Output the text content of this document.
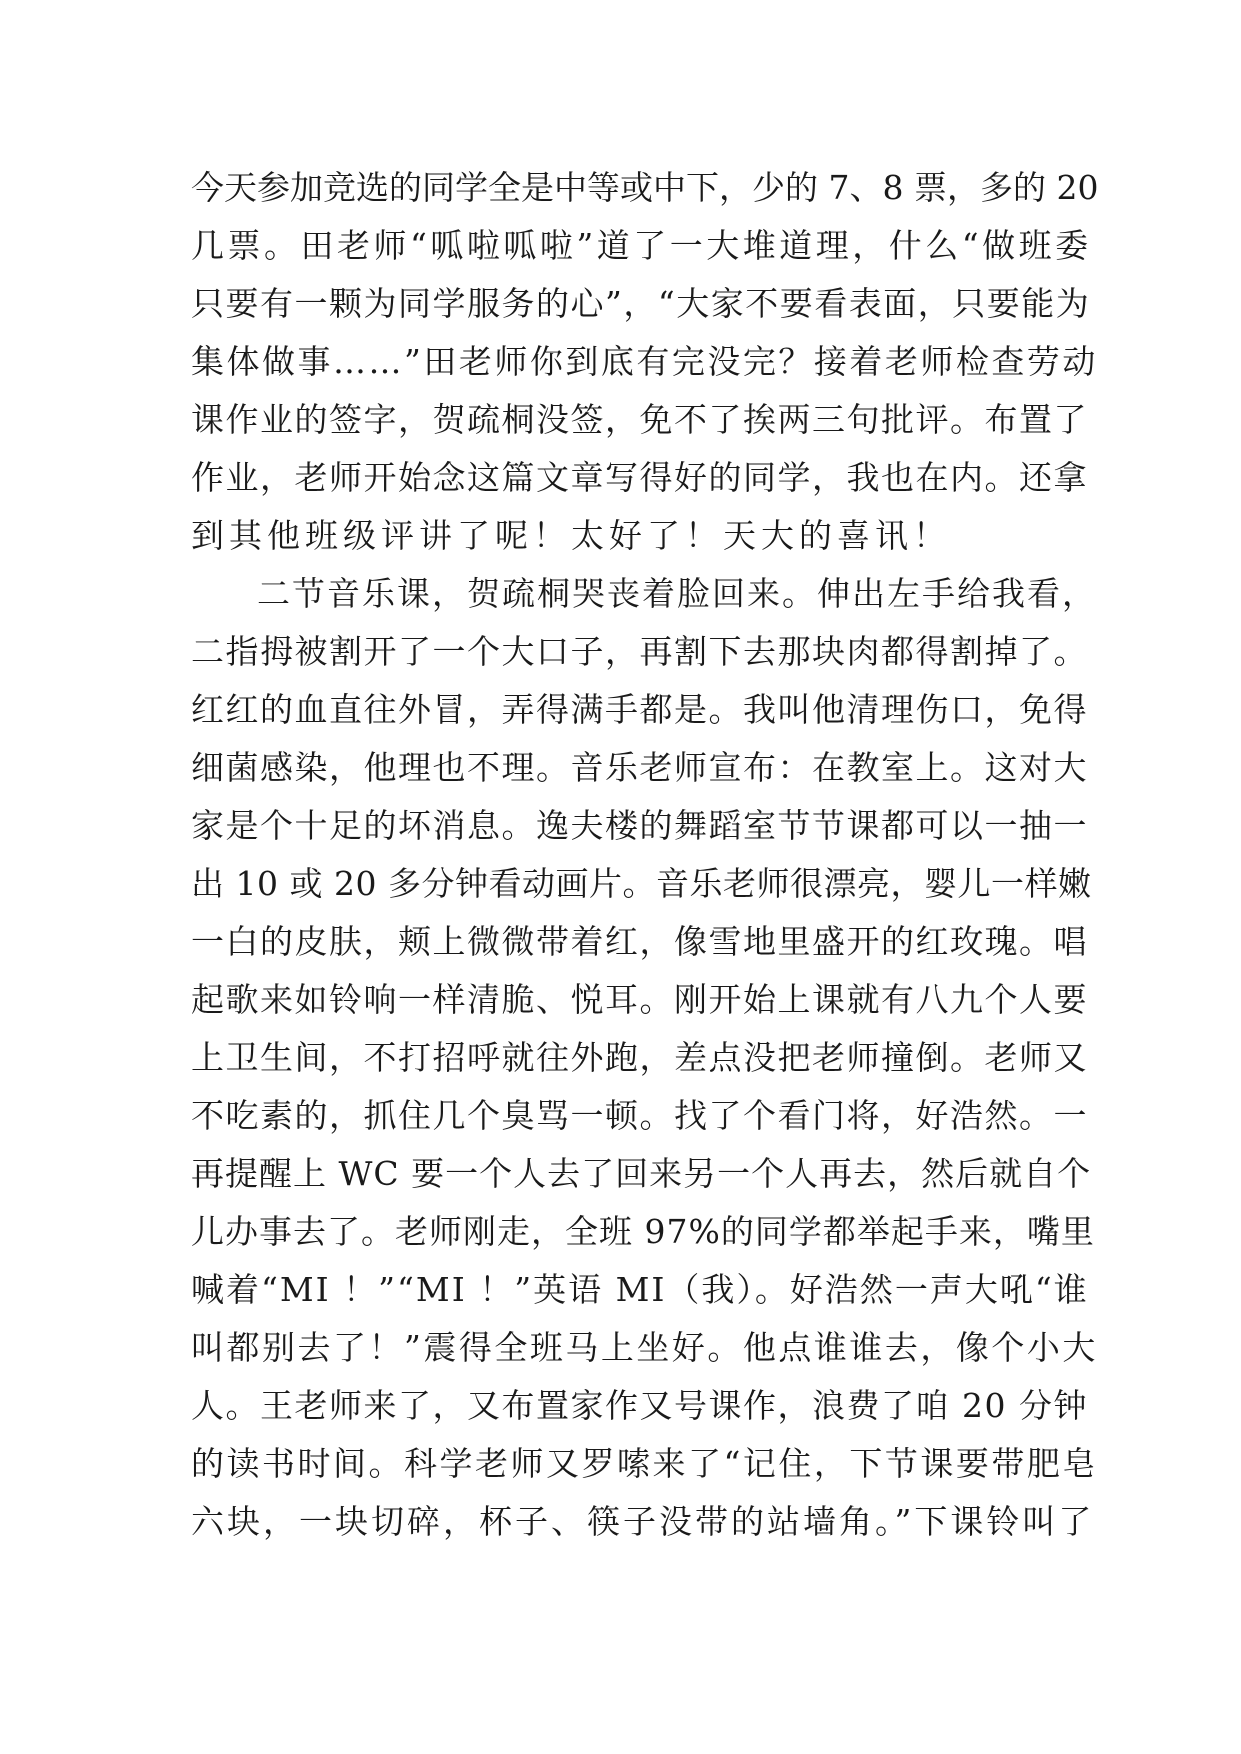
今天参加竞选的同学全是中等或中下，少的 7、8 票，多的 20
几票。田老师“呱啦呱啦”道了一大堆道理，什么“做班委
只要有一颗为同学服务的心”，“大家不要看表面，只要能为
集体做事……”田老师你到底有完没完？接着老师检查劳动
课作业的签字，贺疏桐没签，免不了挨两三句批评。布置了
作业，老师开始念这篇文章写得好的同学，我也在内。还拿
到其他班级评讲了呢！太好了！天大的喜讯！
二节音乐课，贺疏桐哭丧着脸回来。伸出左手给我看，
二指拇被割开了一个大口子，再割下去那块肉都得割掉了。
红红的血直往外冒，弄得满手都是。我叫他清理伤口，免得
细菌感染，他理也不理。音乐老师宣布：在教室上。这对大
家是个十足的坏消息。逸夫楼的舞蹈室节节课都可以一抽一
出 10 或 20 多分钟看动画片。音乐老师很漂亮，婴儿一样嫩
一白的皮肤，颊上微微带着红，像雪地里盛开的红玫瑰。唱
起歌来如铃响一样清脆、悦耳。刚开始上课就有八九个人要
上卫生间，不打招呼就往外跑，差点没把老师撞倒。老师又
不吃素的，抓住几个臭骂一顿。找了个看门将，好浩然。一
再提醒上 WC 要一个人去了回来另一个人再去，然后就自个
儿办事去了。老师刚走，全班 97%的同学都举起手来，嘴里
喊着“MI ！”“MI ！”英语 MI（我）。好浩然一声大吼“谁
叫都别去了！”震得全班马上坐好。他点谁谁去，像个小大
人。王老师来了，又布置家作又号课作，浪费了咱 20 分钟
的读书时间。科学老师又罗嗦来了“记住，下节课要带肥皂
六块，一块切碎，杯子、筷子没带的站墙角。”下课铃叫了
